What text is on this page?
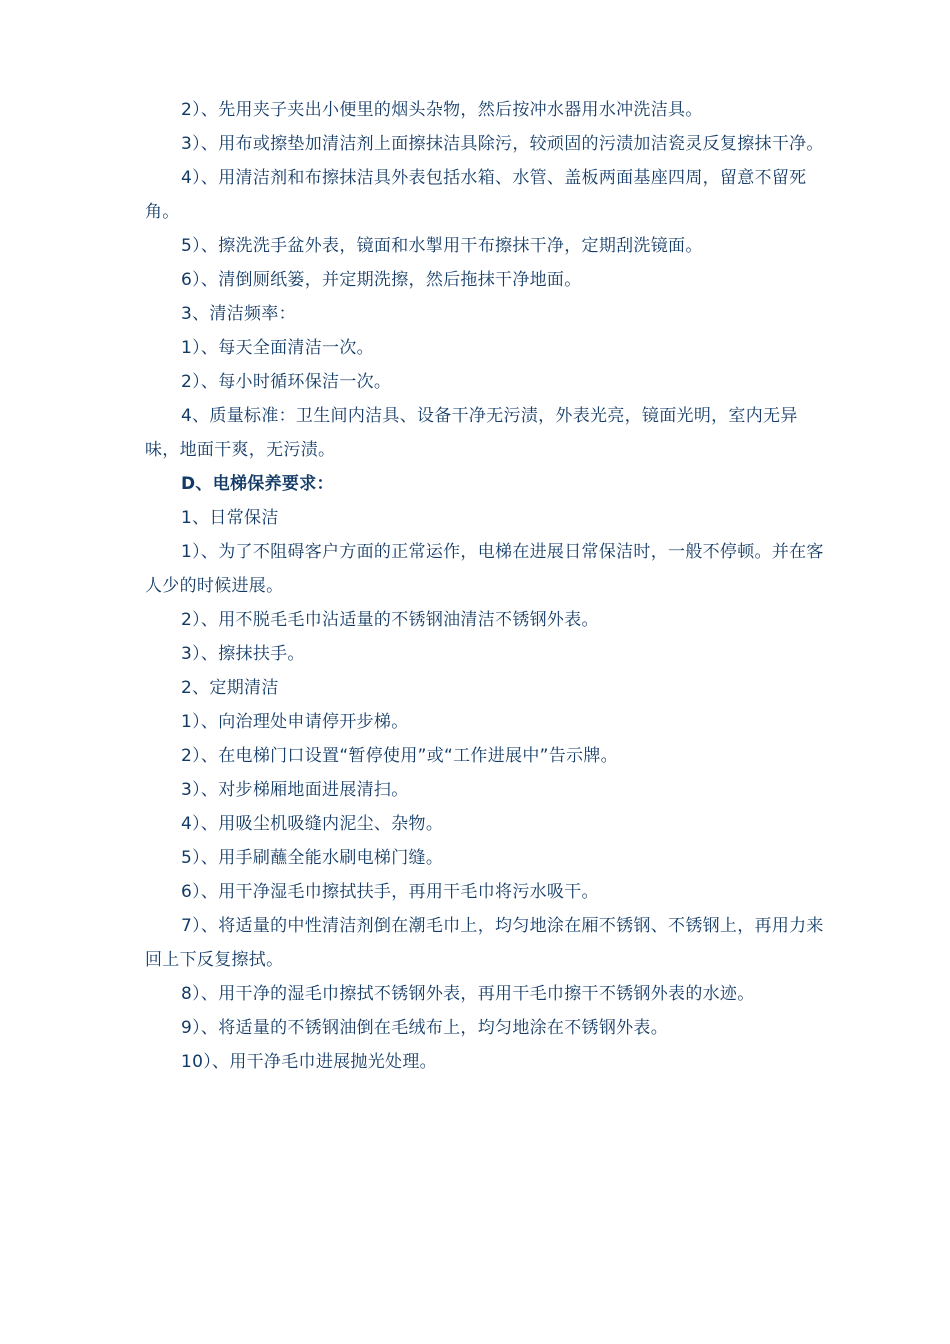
2）、先用夹子夹出小便里的烟头杂物，然后按冲水器用水冲洗洁具。

3）、用布或擦垫加清洁剂上面擦抹洁具除污，较顽固的污渍加洁瓷灵反复擦抹干净。

4）、用清洁剂和布擦抹洁具外表包括水箱、水管、盖板两面基座四周，留意不留死角。

5）、擦洗洗手盆外表，镜面和水掣用干布擦抹干净，定期刮洗镜面。

6）、清倒厕纸篓，并定期洗擦，然后拖抹干净地面。

3、清洁频率：

1）、每天全面清洁一次。

2）、每小时循环保洁一次。

4、质量标准：卫生间内洁具、设备干净无污渍，外表光亮，镜面光明，室内无异味，地面干爽，无污渍。

D、电梯保养要求：

1、日常保洁

1）、为了不阻碍客户方面的正常运作，电梯在进展日常保洁时，一般不停顿。并在客人少的时候进展。

2）、用不脱毛毛巾沾适量的不锈钢油清洁不锈钢外表。

3）、擦抹扶手。

2、定期清洁

1）、向治理处申请停开步梯。

2）、在电梯门口设置“暂停使用”或“工作进展中”告示牌。

3）、对步梯厢地面进展清扫。

4）、用吸尘机吸缝内泥尘、杂物。

5）、用手刷蘸全能水刷电梯门缝。

6）、用干净湿毛巾擦拭扶手，再用干毛巾将污水吸干。

7）、将适量的中性清洁剂倒在潮毛巾上，均匀地涂在厢不锈钢、不锈钢上，再用力来回上下反复擦拭。

8）、用干净的湿毛巾擦拭不锈钢外表，再用干毛巾擦干不锈钢外表的水迹。

9）、将适量的不锈钢油倒在毛绒布上，均匀地涂在不锈钢外表。

10）、用干净毛巾进展抛光处理。
